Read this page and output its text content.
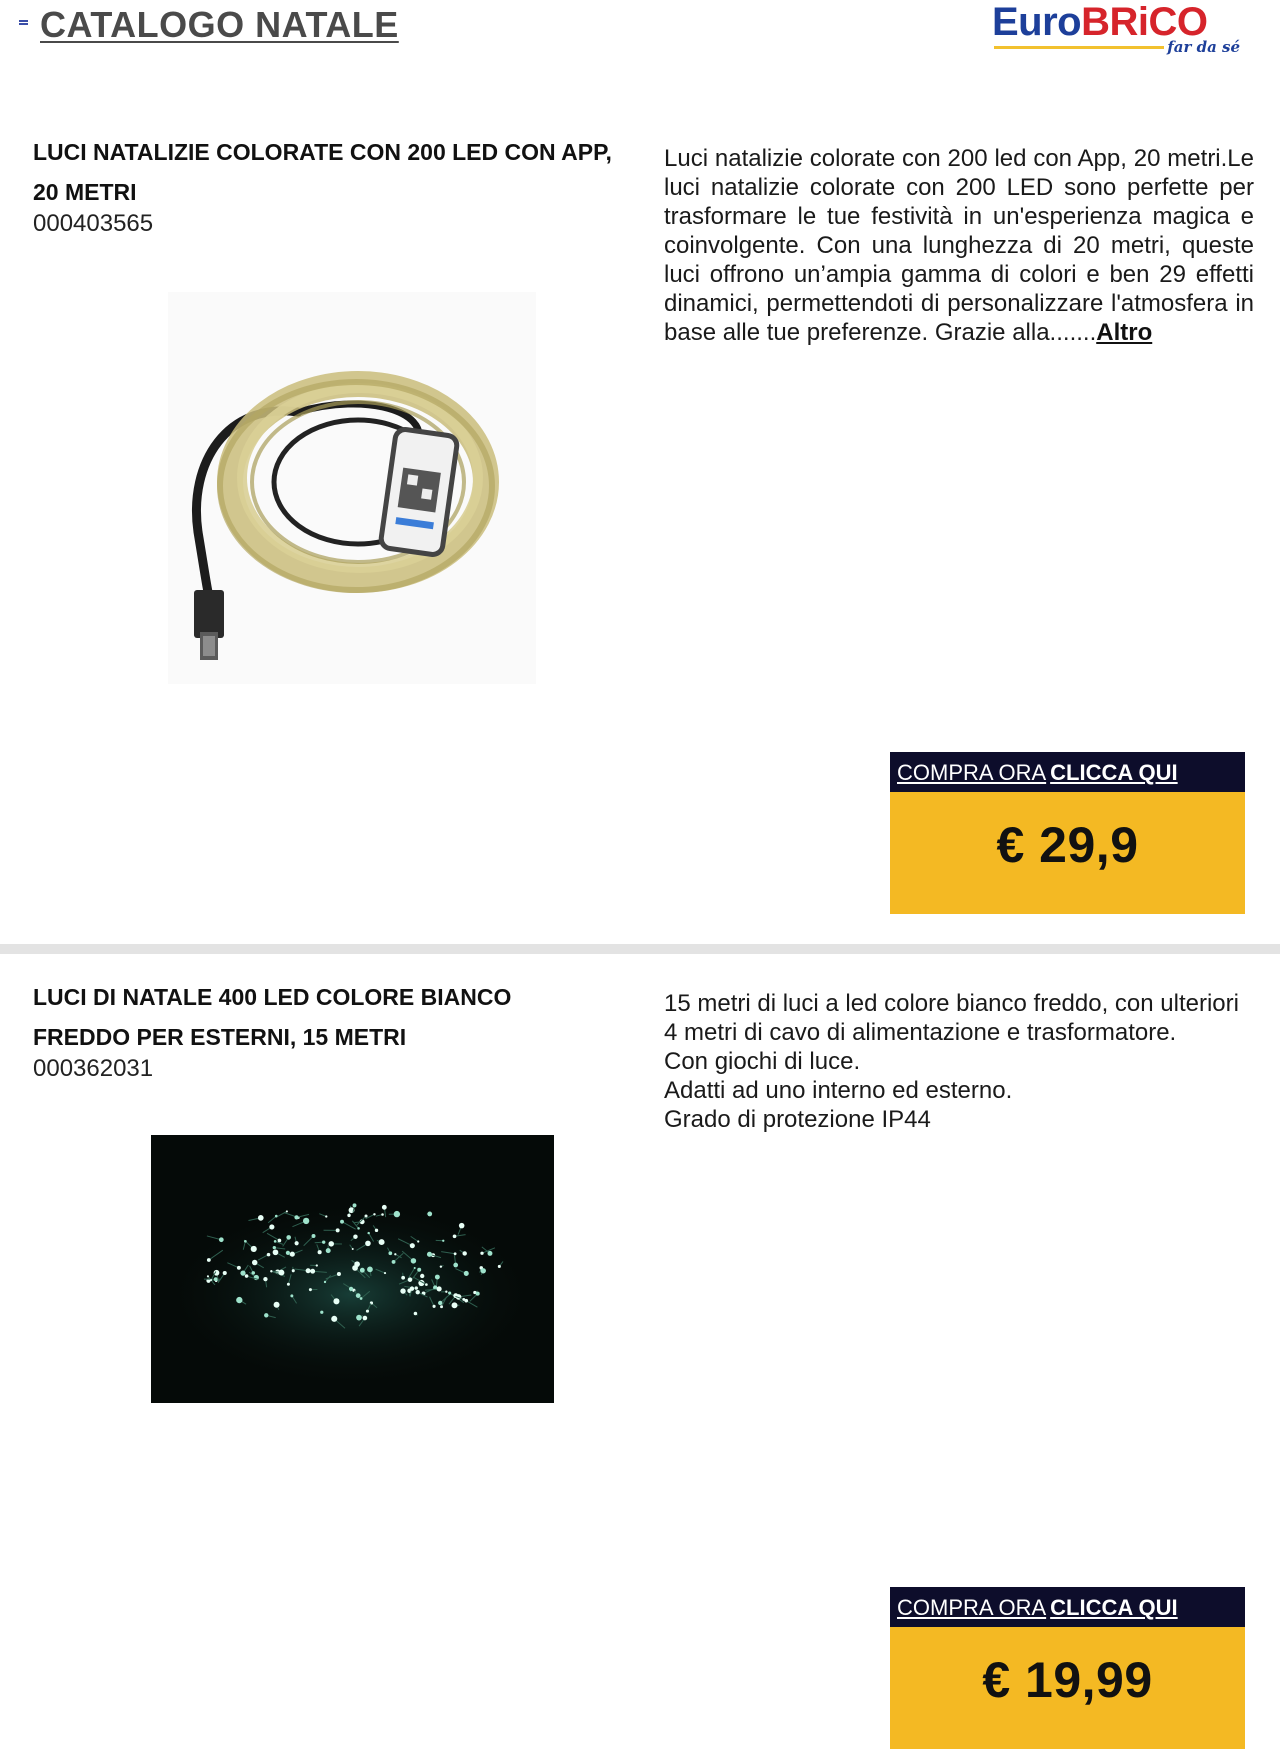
CATALOGO NATALE	EuroBRiCO
far da sé
LUCI NATALIZIE COLORATE CON 200 LED CON APP, 20 METRI
000403565
Luci natalizie colorate con 200 led con App, 20 metri.Le luci natalizie colorate con 200 LED sono perfette per trasformare le tue festività in un'esperienza magica e coinvolgente. Con una lunghezza di 20 metri, queste luci offrono un’ampia gamma di colori e ben 29 effetti dinamici, permettendoti di personalizzare l'atmosfera in base alle tue preferenze. Grazie alla.......Altro
COMPRA ORA CLICCA QUI
€ 29,9
LUCI DI NATALE 400 LED COLORE BIANCO FREDDO PER ESTERNI, 15 METRI
000362031
15 metri di luci a led colore bianco freddo, con ulteriori 4 metri di cavo di alimentazione e trasformatore.
Con giochi di luce.
Adatti ad uno interno ed esterno.
Grado di protezione IP44
COMPRA ORA CLICCA QUI
€ 19,99
